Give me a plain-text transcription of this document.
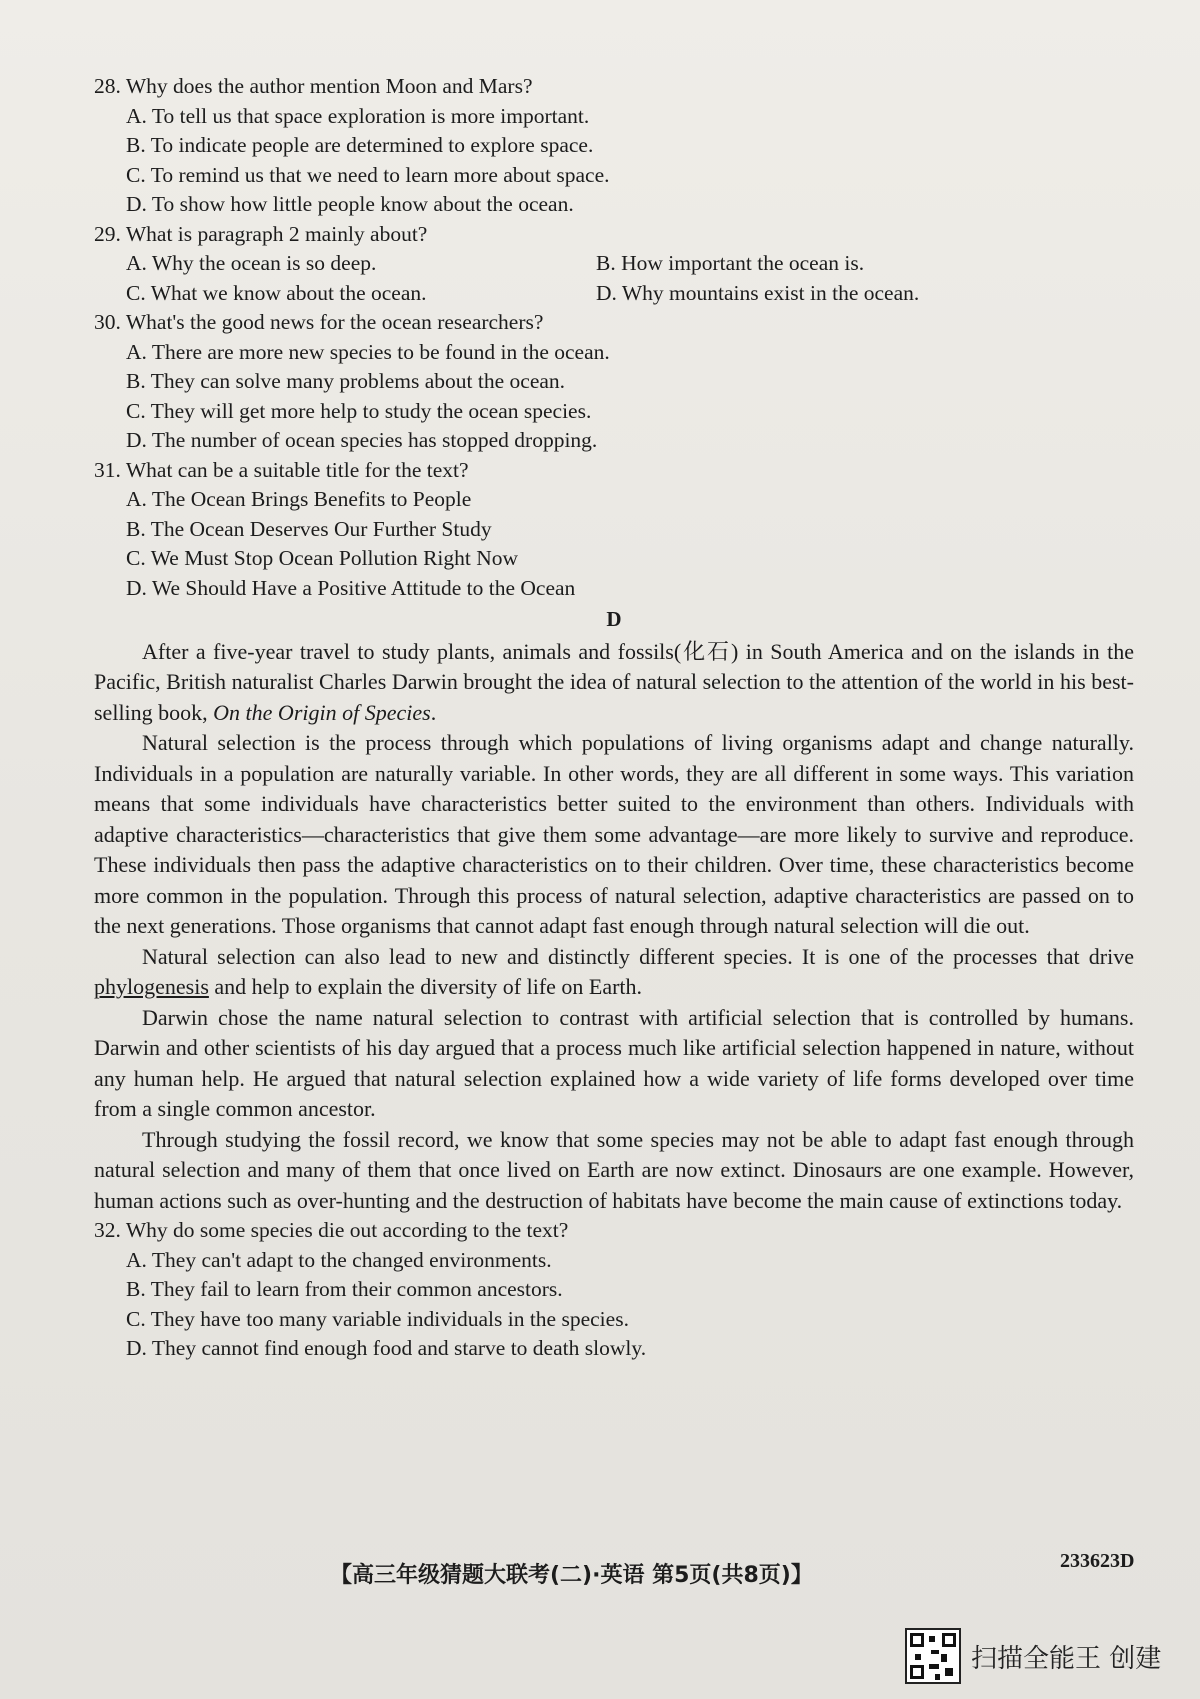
28. Why does the author mention Moon and Mars?

A. To tell us that space exploration is more important.

B. To indicate people are determined to explore space.

C. To remind us that we need to learn more about space.

D. To show how little people know about the ocean.

29. What is paragraph 2 mainly about?

A. Why the ocean is so deep.	B. How important the ocean is.

C. What we know about the ocean.	D. Why mountains exist in the ocean.

30. What's the good news for the ocean researchers?

A. There are more new species to be found in the ocean.

B. They can solve many problems about the ocean.

C. They will get more help to study the ocean species.

D. The number of ocean species has stopped dropping.

31. What can be a suitable title for the text?

A. The Ocean Brings Benefits to People

B. The Ocean Deserves Our Further Study

C. We Must Stop Ocean Pollution Right Now

D. We Should Have a Positive Attitude to the Ocean

D

After a five-year travel to study plants, animals and fossils(化石) in South America and on the islands in the Pacific, British naturalist Charles Darwin brought the idea of natural selection to the attention of the world in his best-selling book, On the Origin of Species.

Natural selection is the process through which populations of living organisms adapt and change naturally. Individuals in a population are naturally variable. In other words, they are all different in some ways. This variation means that some individuals have characteristics better suited to the environment than others. Individuals with adaptive characteristics—characteristics that give them some advantage—are more likely to survive and reproduce. These individuals then pass the adaptive characteristics on to their children. Over time, these characteristics become more common in the population. Through this process of natural selection, adaptive characteristics are passed on to the next generations. Those organisms that cannot adapt fast enough through natural selection will die out.

Natural selection can also lead to new and distinctly different species. It is one of the processes that drive phylogenesis and help to explain the diversity of life on Earth.

Darwin chose the name natural selection to contrast with artificial selection that is controlled by humans. Darwin and other scientists of his day argued that a process much like artificial selection happened in nature, without any human help. He argued that natural selection explained how a wide variety of life forms developed over time from a single common ancestor.

Through studying the fossil record, we know that some species may not be able to adapt fast enough through natural selection and many of them that once lived on Earth are now extinct. Dinosaurs are one example. However, human actions such as over-hunting and the destruction of habitats have become the main cause of extinctions today.

32. Why do some species die out according to the text?

A. They can't adapt to the changed environments.

B. They fail to learn from their common ancestors.

C. They have too many variable individuals in the species.

D. They cannot find enough food and starve to death slowly.

【高三年级猜题大联考(二)·英语 第5页(共8页)】
233623D
扫描全能王 创建
